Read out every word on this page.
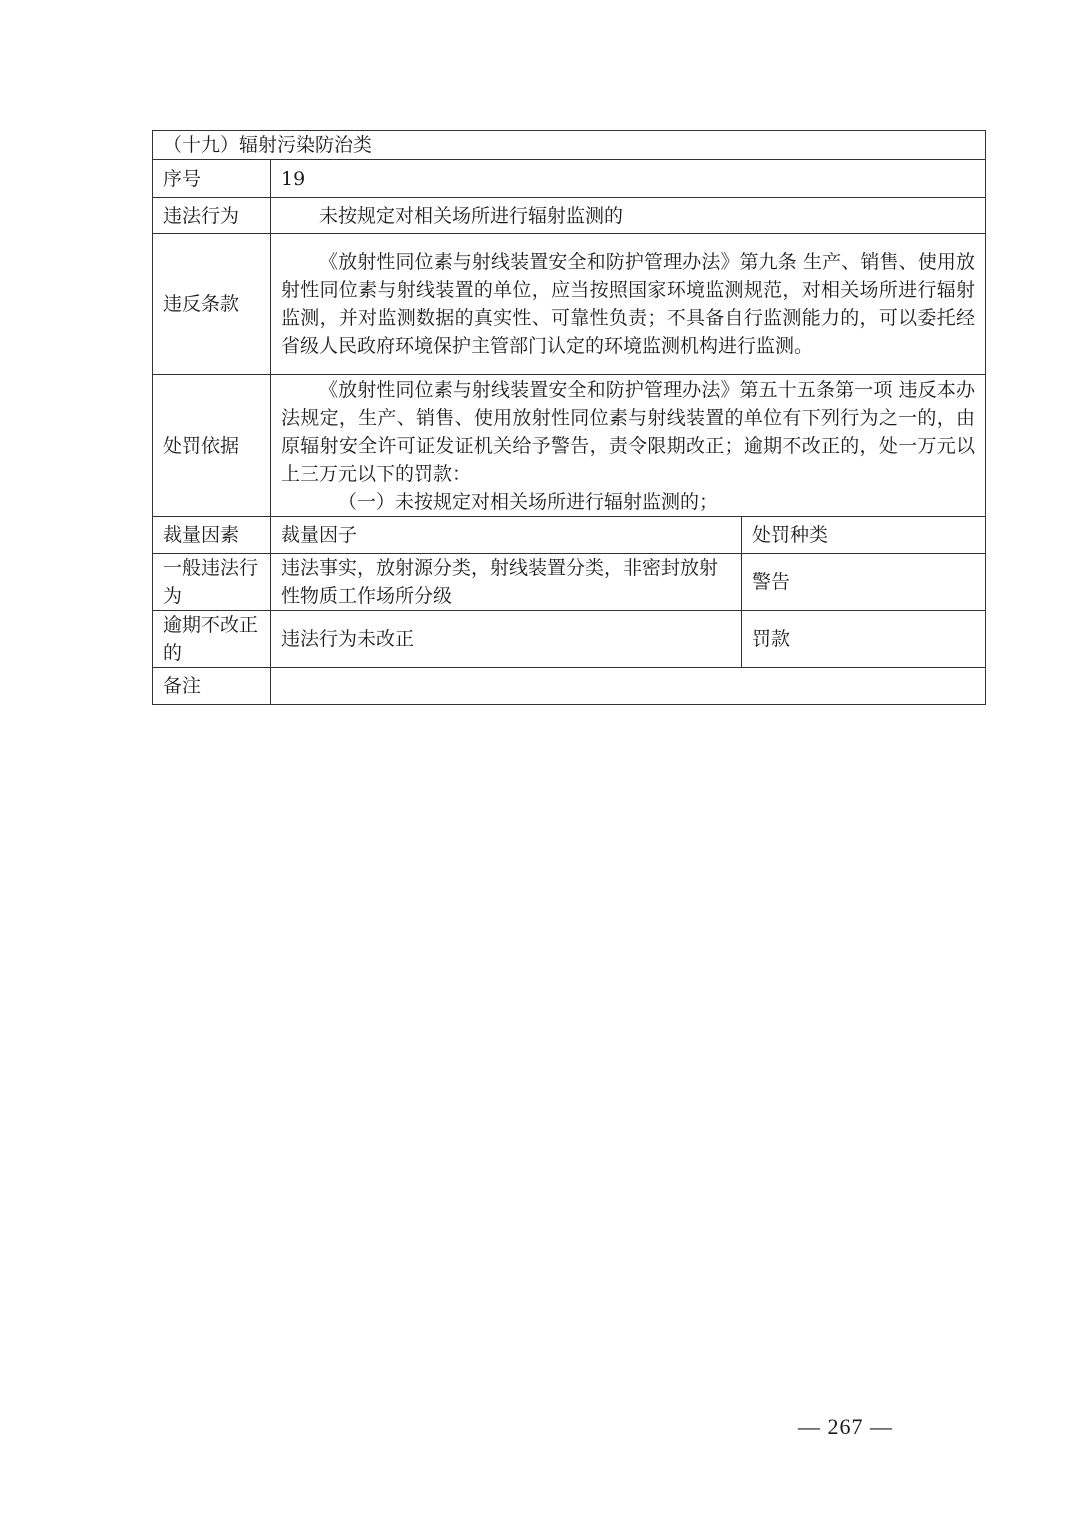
（十九）辐射污染防治类		
序号	19	
违法行为	未按规定对相关场所进行辐射监测的	

违反条款	《放射性同位素与射线装置安全和防护管理办法》第九条 生产、销售、使用放射性同位素与射线装置的单位，应当按照国家环境监测规范，对相关场所进行辐射监测，并对监测数据的真实性、可靠性负责；不具备自行监测能力的，可以委托经省级人民政府环境保护主管部门认定的环境监测机构进行监测。	

处罚依据	《放射性同位素与射线装置安全和防护管理办法》第五十五条第一项 违反本办法规定，生产、销售、使用放射性同位素与射线装置的单位有下列行为之一的，由原辐射安全许可证发证机关给予警告，责令限期改正；逾期不改正的，处一万元以上三万元以下的罚款：

（一）未按规定对相关场所进行辐射监测的；	

裁量因素	裁量因子	处罚种类
一般违法行为	违法事实，放射源分类，射线装置分类，非密封放射性物质工作场所分级	警告
逾期不改正的	违法行为未改正	罚款
备注		
— 267 —
